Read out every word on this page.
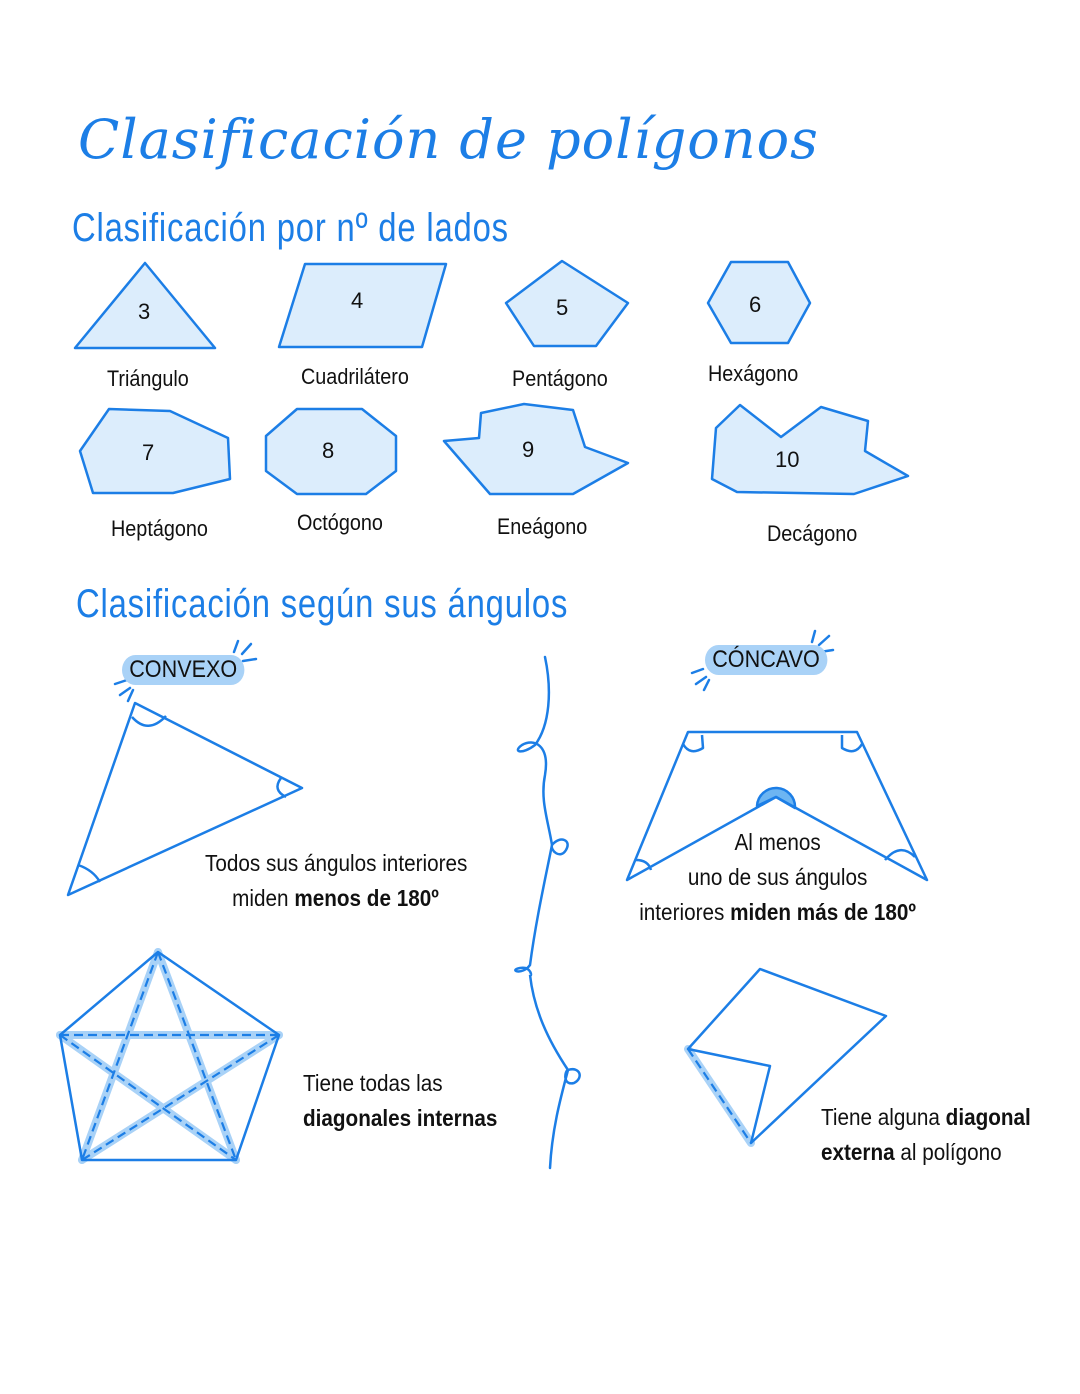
Clasificación de polígonos
Clasificación por nº de lados
Clasificación según sus ángulos
3	4	5	6
7	8	9	10
Triángulo	Cuadrilátero	Pentágono	Hexágono
Heptágono	Octógono	Eneágono	Decágono
CONVEXO	CÓNCAVO
Todos sus ángulos interiores
miden menos de 180º
Al menos
uno de sus ángulos
interiores miden más de 180º
Tiene todas las
diagonales internas	Tiene alguna diagonal
externa al polígono
